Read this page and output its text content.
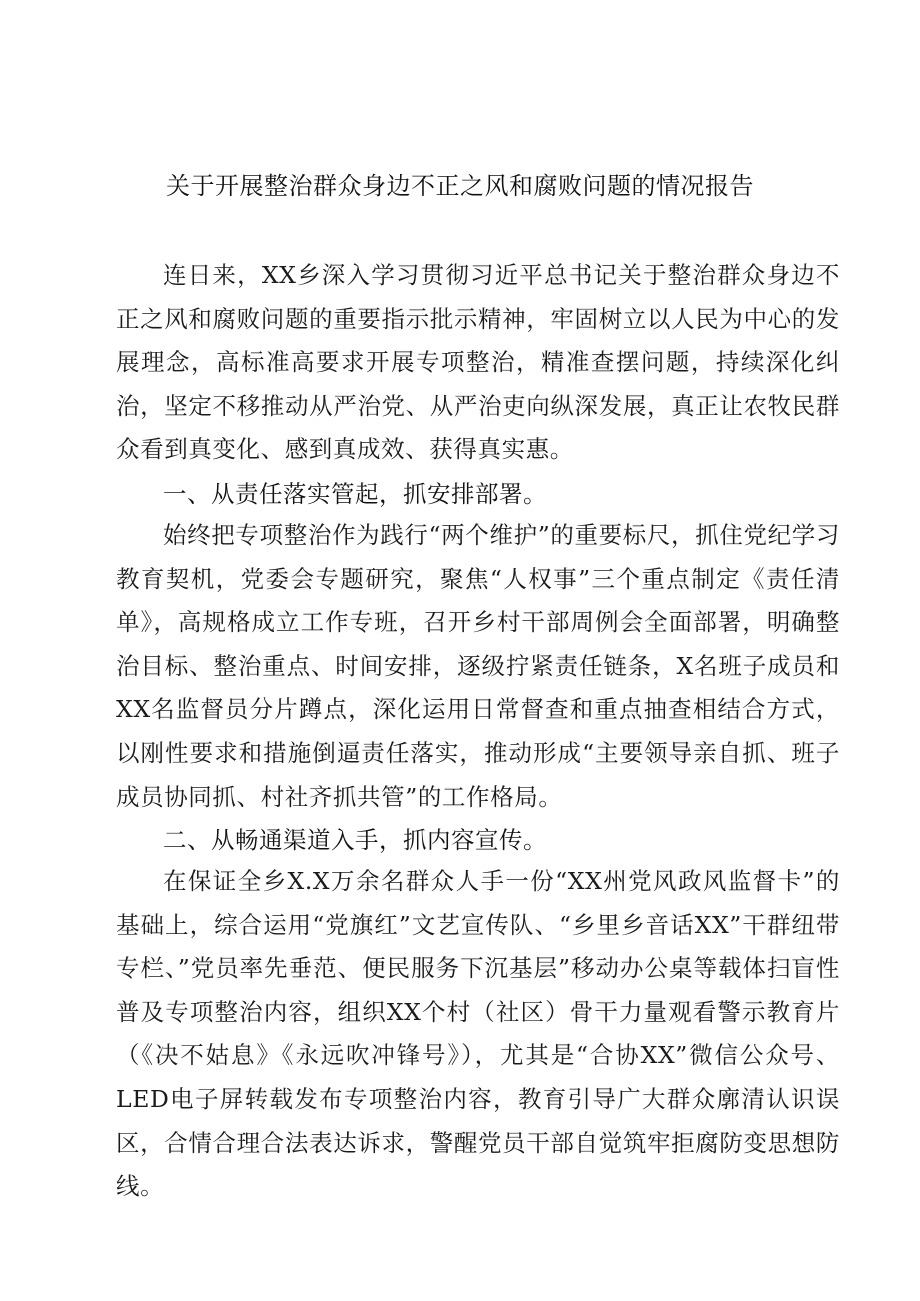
关于开展整治群众身边不正之风和腐败问题的情况报告
连日来，XX乡深入学习贯彻习近平总书记关于整治群众身边不正之风和腐败问题的重要指示批示精神，牢固树立以人民为中心的发展理念，高标准高要求开展专项整治，精准查摆问题，持续深化纠治，坚定不移推动从严治党、从严治吏向纵深发展，真正让农牧民群众看到真变化、感到真成效、获得真实惠。
一、从责任落实管起，抓安排部署。
始终把专项整治作为践行“两个维护”的重要标尺，抓住党纪学习教育契机，党委会专题研究，聚焦“人权事”三个重点制定《责任清单》，高规格成立工作专班，召开乡村干部周例会全面部署，明确整治目标、整治重点、时间安排，逐级拧紧责任链条，X名班子成员和XX名监督员分片蹲点，深化运用日常督查和重点抽查相结合方式，以刚性要求和措施倒逼责任落实，推动形成“主要领导亲自抓、班子成员协同抓、村社齐抓共管”的工作格局。
二、从畅通渠道入手，抓内容宣传。
在保证全乡X.X万余名群众人手一份“XX州党风政风监督卡”的基础上，综合运用“党旗红”文艺宣传队、“乡里乡音话XX”干群纽带专栏、”党员率先垂范、便民服务下沉基层”移动办公桌等载体扫盲性普及专项整治内容，组织XX个村（社区）骨干力量观看警示教育片（《决不姑息》《永远吹冲锋号》），尤其是“合协XX”微信公众号、LED电子屏转载发布专项整治内容，教育引导广大群众廓清认识误区，合情合理合法表达诉求，警醒党员干部自觉筑牢拒腐防变思想防线。
